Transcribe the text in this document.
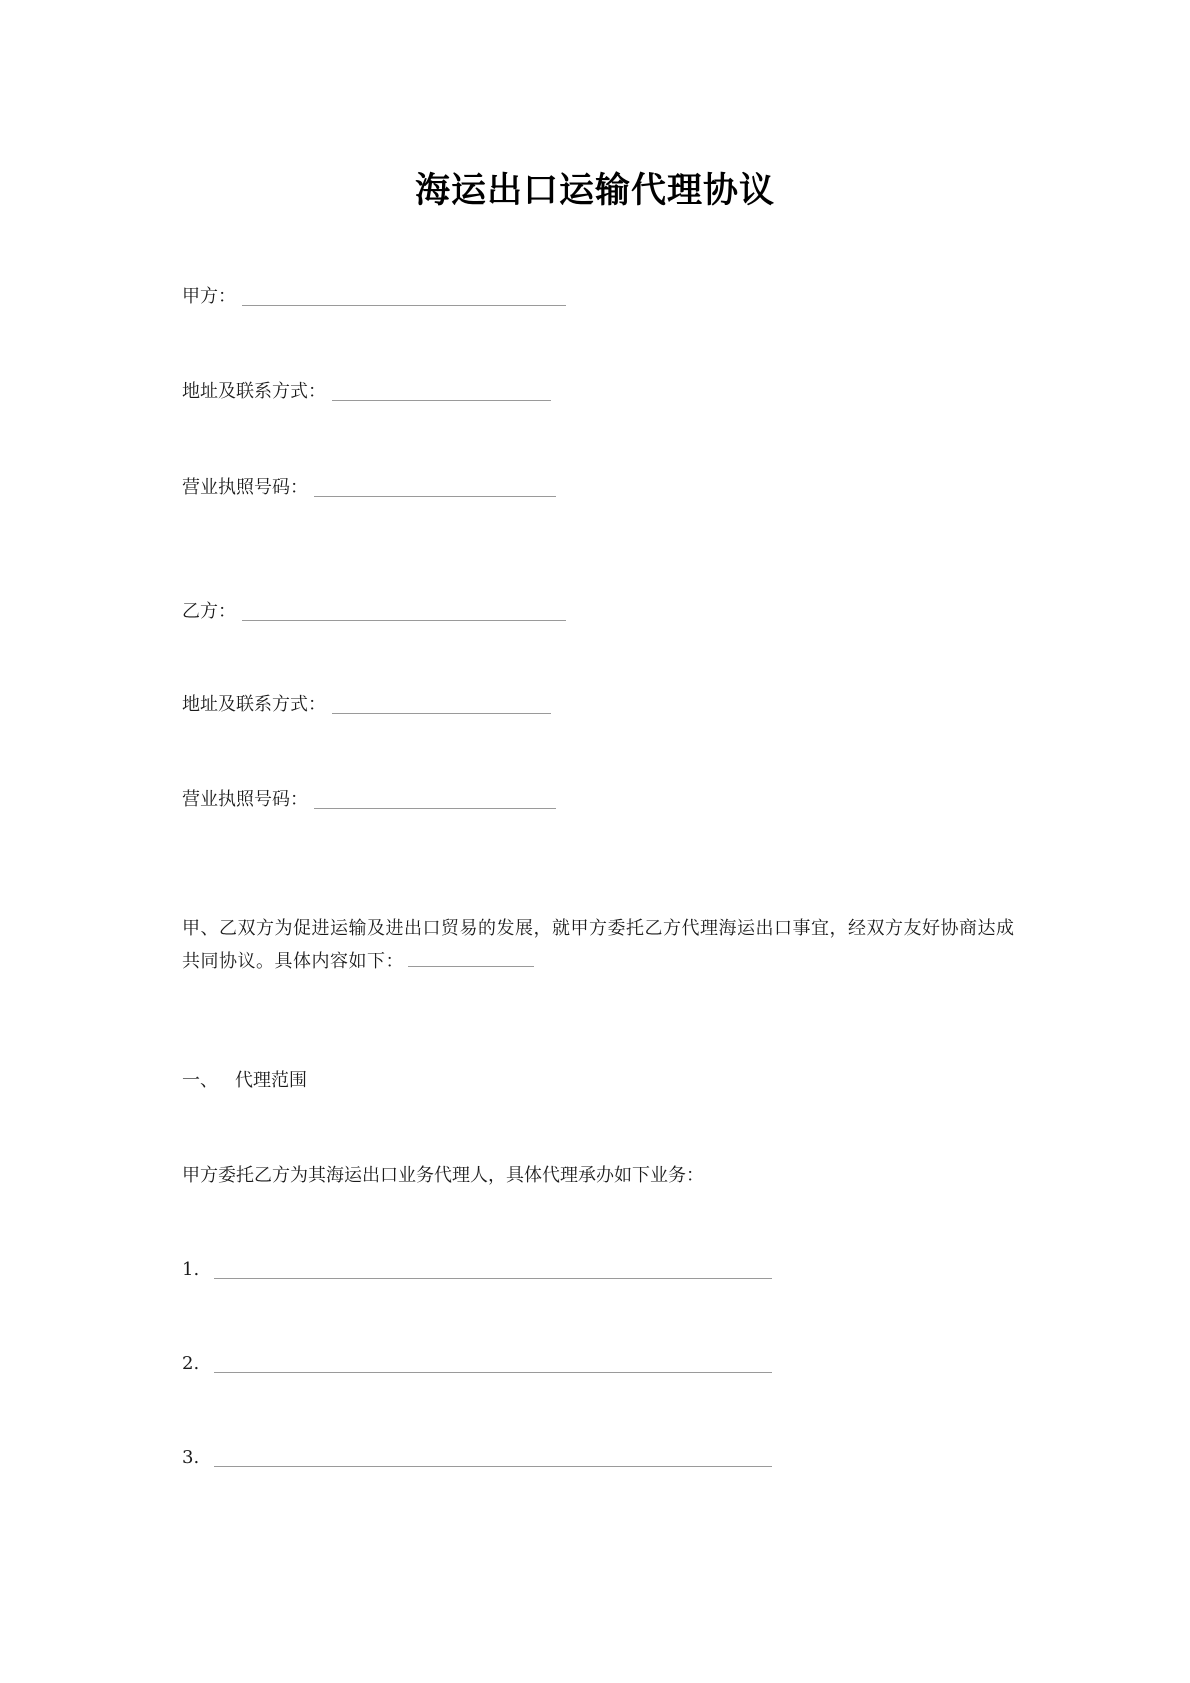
海运出口运输代理协议
甲方：
地址及联系方式：
营业执照号码：
乙方：
地址及联系方式：
营业执照号码：
甲、乙双方为促进运输及进出口贸易的发展，就甲方委托乙方代理海运出口事宜，经双方友好协商达成共同协议。具体内容如下：
一、 代理范围
甲方委托乙方为其海运出口业务代理人，具体代理承办如下业务：
1.
2.
3.
